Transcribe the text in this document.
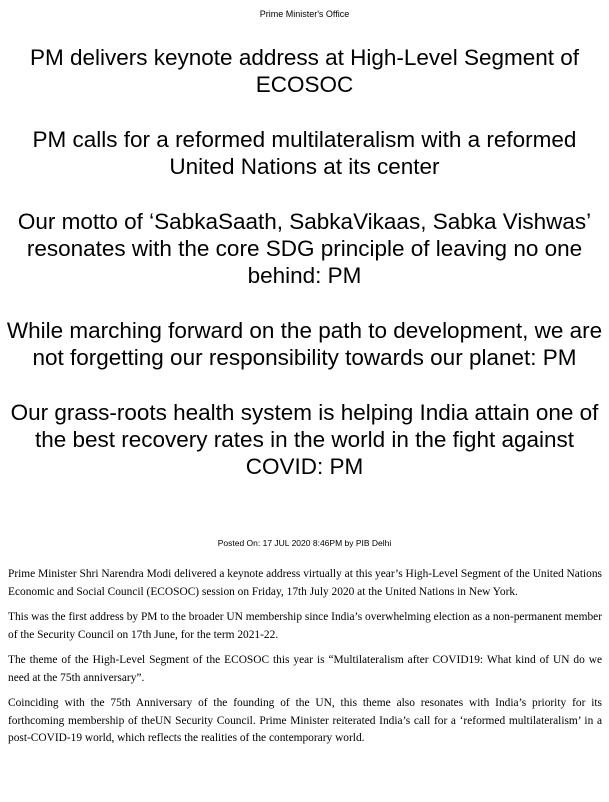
Prime Minister's Office
PM delivers keynote address at High-Level Segment of ECOSOC
PM calls for a reformed multilateralism with a reformed United Nations at its center
Our motto of ‘SabkaSaath, SabkaVikaas, Sabka Vishwas’ resonates with the core SDG principle of leaving no one behind: PM
While marching forward on the path to development, we are not forgetting our responsibility towards our planet: PM
Our grass-roots health system is helping India attain one of the best recovery rates in the world in the fight against COVID: PM
Posted On: 17 JUL 2020 8:46PM by PIB Delhi

Prime Minister Shri Narendra Modi delivered a keynote address virtually at this year’s High-Level Segment of the United Nations Economic and Social Council (ECOSOC) session on Friday, 17th July 2020 at the United Nations in New York.

This was the first address by PM to the broader UN membership since India’s overwhelming election as a non-permanent member of the Security Council on 17th June, for the term 2021-22.

The theme of the High-Level Segment of the ECOSOC this year is “Multilateralism after COVID19: What kind of UN do we need at the 75th anniversary”.

Coinciding with the 75th Anniversary of the founding of the UN, this theme also resonates with India’s priority for its forthcoming membership of theUN Security Council. Prime Minister reiterated India’s call for a ‘reformed multilateralism’ in a post-COVID-19 world, which reflects the realities of the contemporary world.
